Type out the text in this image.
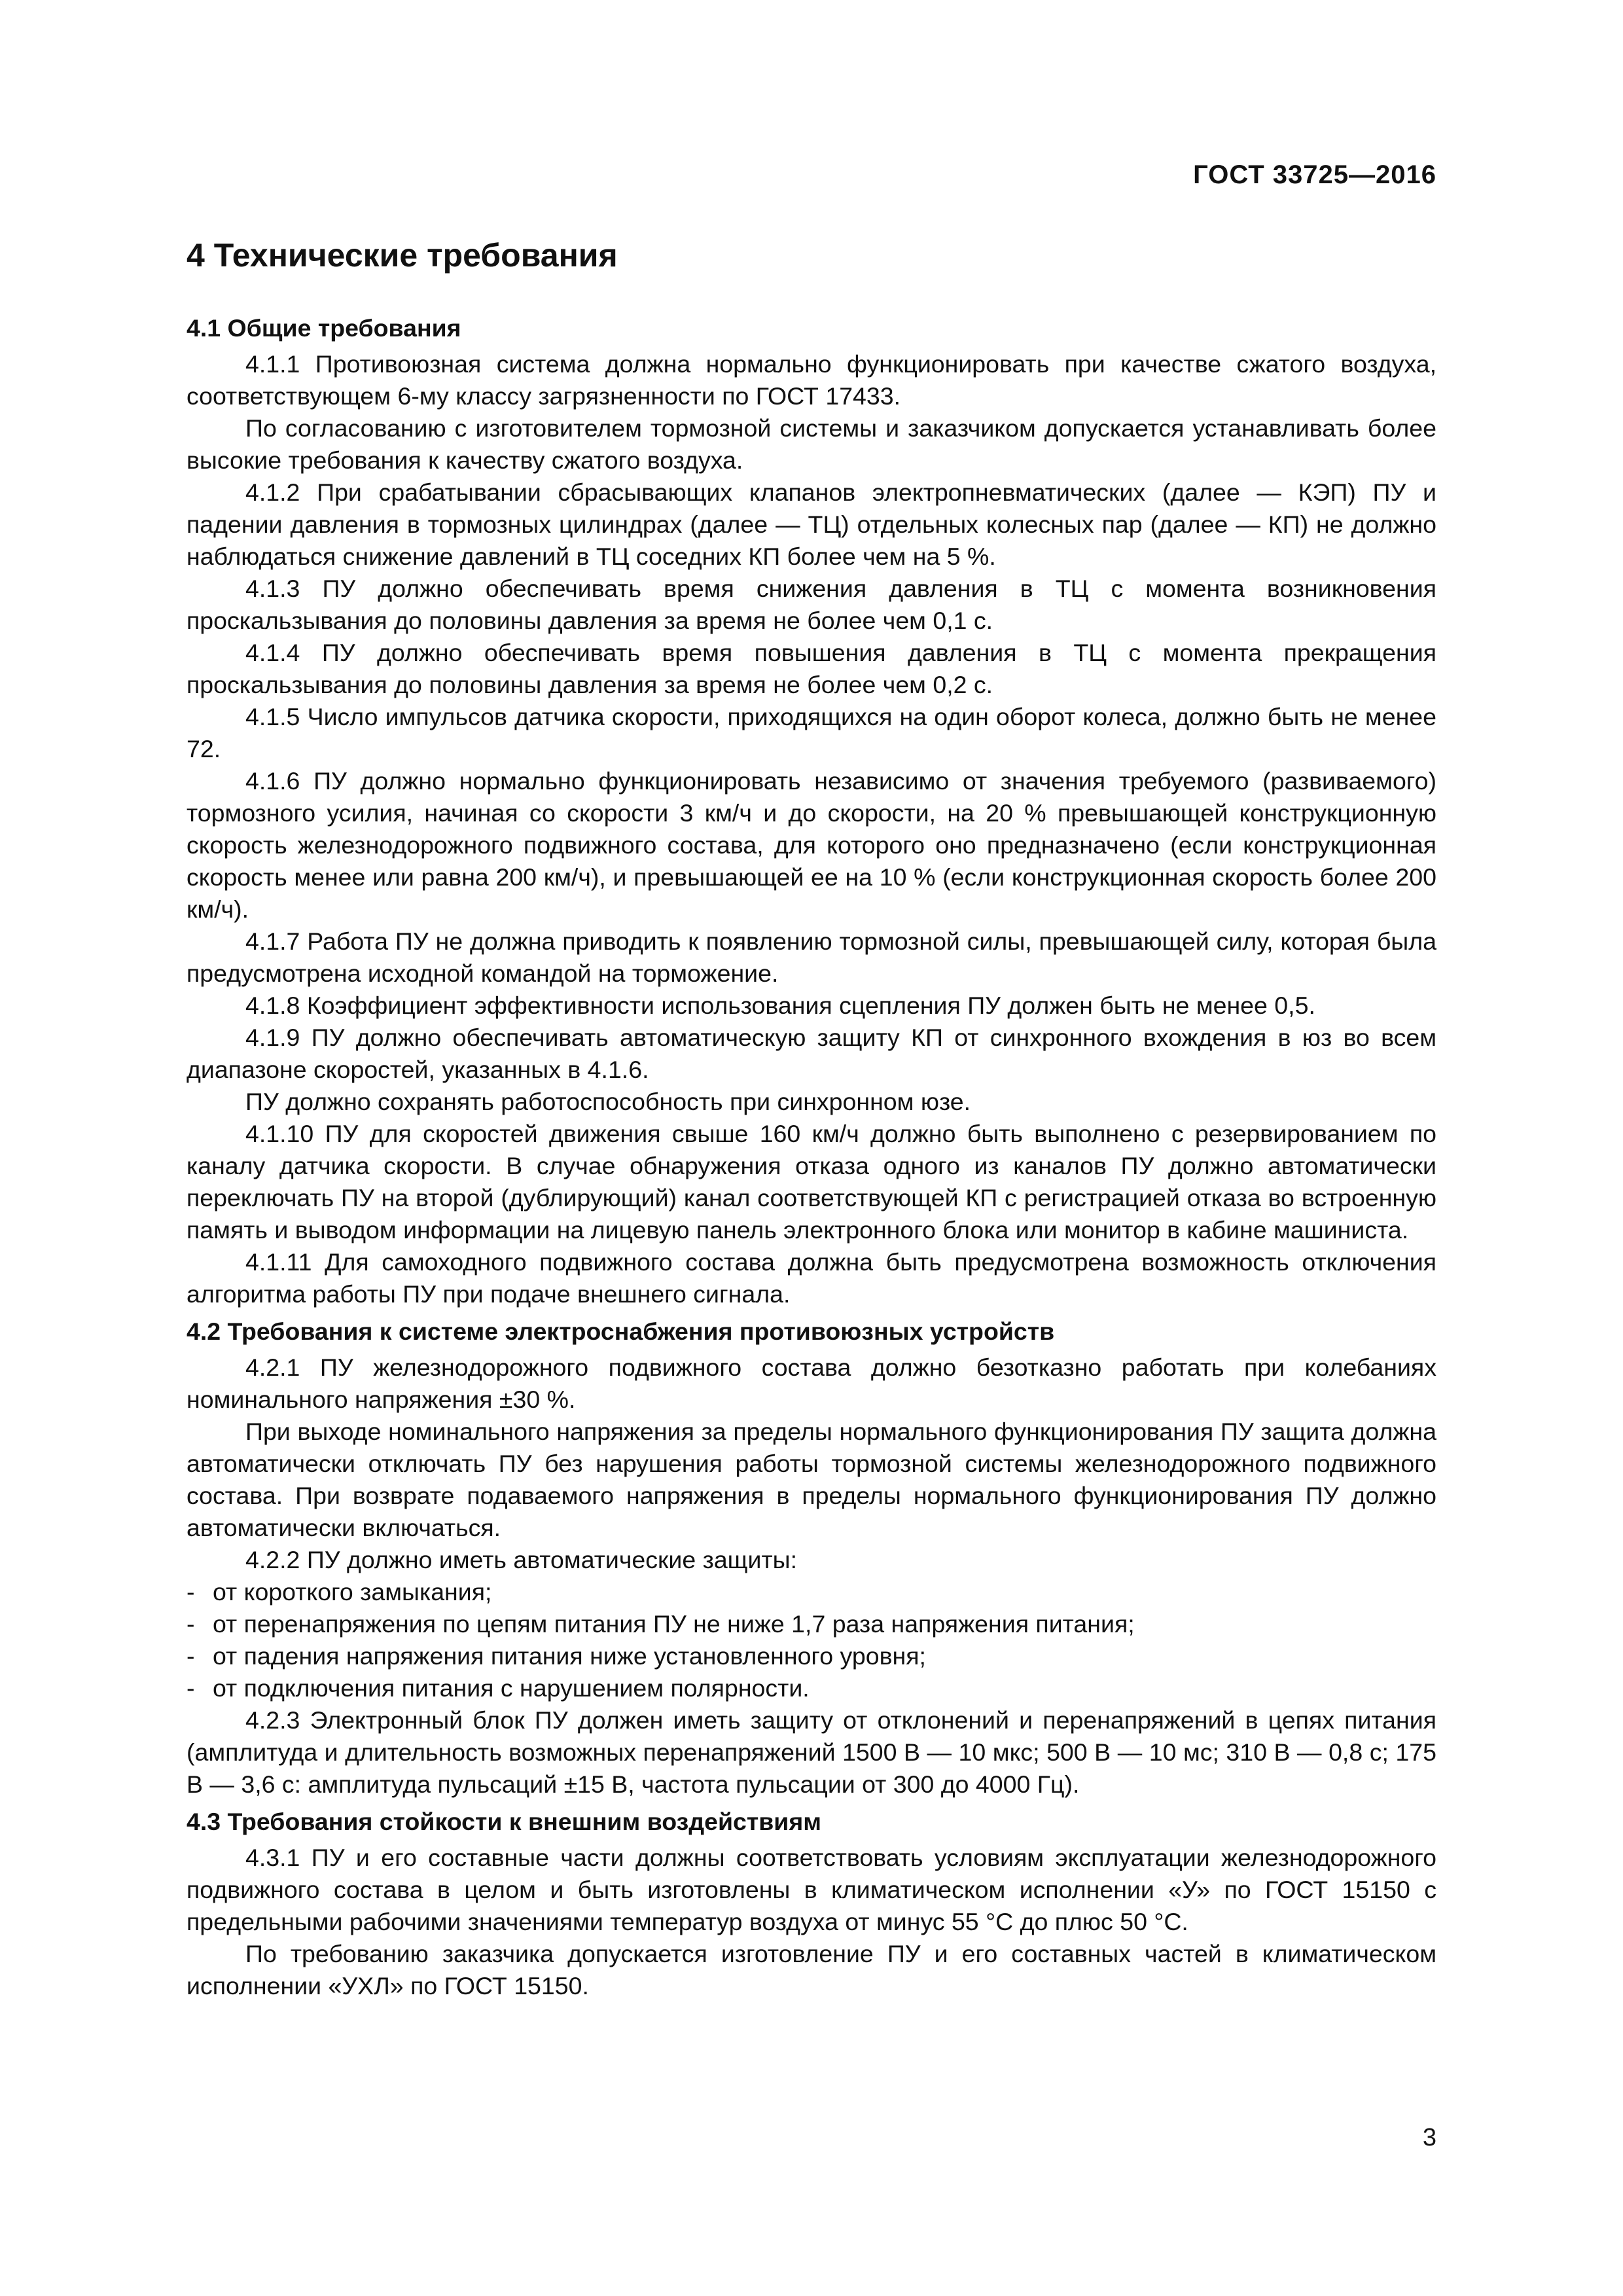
ГОСТ 33725—2016
4 Технические требования
4.1 Общие требования

4.1.1 Противоюзная система должна нормально функционировать при качестве сжатого воздуха, соответствующем 6-му классу загрязненности по ГОСТ 17433.

По согласованию с изготовителем тормозной системы и заказчиком допускается устанавливать более высокие требования к качеству сжатого воздуха.

4.1.2 При срабатывании сбрасывающих клапанов электропневматических (далее — КЭП) ПУ и падении давления в тормозных цилиндрах (далее — ТЦ) отдельных колесных пар (далее — КП) не должно наблюдаться снижение давлений в ТЦ соседних КП более чем на 5 %.

4.1.3 ПУ должно обеспечивать время снижения давления в ТЦ с момента возникновения проскальзывания до половины давления за время не более чем 0,1 с.

4.1.4 ПУ должно обеспечивать время повышения давления в ТЦ с момента прекращения проскальзывания до половины давления за время не более чем 0,2 с.

4.1.5 Число импульсов датчика скорости, приходящихся на один оборот колеса, должно быть не менее 72.

4.1.6 ПУ должно нормально функционировать независимо от значения требуемого (развиваемого) тормозного усилия, начиная со скорости 3 км/ч и до скорости, на 20 % превышающей конструкционную скорость железнодорожного подвижного состава, для которого оно предназначено (если конструкционная скорость менее или равна 200 км/ч), и превышающей ее на 10 % (если конструкционная скорость более 200 км/ч).

4.1.7 Работа ПУ не должна приводить к появлению тормозной силы, превышающей силу, которая была предусмотрена исходной командой на торможение.

4.1.8 Коэффициент эффективности использования сцепления ПУ должен быть не менее 0,5.

4.1.9 ПУ должно обеспечивать автоматическую защиту КП от синхронного вхождения в юз во всем диапазоне скоростей, указанных в 4.1.6.

ПУ должно сохранять работоспособность при синхронном юзе.

4.1.10 ПУ для скоростей движения свыше 160 км/ч должно быть выполнено с резервированием по каналу датчика скорости. В случае обнаружения отказа одного из каналов ПУ должно автоматически переключать ПУ на второй (дублирующий) канал соответствующей КП с регистрацией отказа во встроенную память и выводом информации на лицевую панель электронного блока или монитор в кабине машиниста.

4.1.11 Для самоходного подвижного состава должна быть предусмотрена возможность отключения алгоритма работы ПУ при подаче внешнего сигнала.

4.2 Требования к системе электроснабжения противоюзных устройств

4.2.1 ПУ железнодорожного подвижного состава должно безотказно работать при колебаниях номинального напряжения ±30 %.

При выходе номинального напряжения за пределы нормального функционирования ПУ защита должна автоматически отключать ПУ без нарушения работы тормозной системы железнодорожного подвижного состава. При возврате подаваемого напряжения в пределы нормального функционирования ПУ должно автоматически включаться.

4.2.2 ПУ должно иметь автоматические защиты:

- от короткого замыкания;

- от перенапряжения по цепям питания ПУ не ниже 1,7 раза напряжения питания;

- от падения напряжения питания ниже установленного уровня;

- от подключения питания с нарушением полярности.

4.2.3 Электронный блок ПУ должен иметь защиту от отклонений и перенапряжений в цепях питания (амплитуда и длительность возможных перенапряжений 1500 В — 10 мкс; 500 В — 10 мс; 310 В — 0,8 с; 175 В — 3,6 с: амплитуда пульсаций ±15 В, частота пульсации от 300 до 4000 Гц).

4.3 Требования стойкости к внешним воздействиям

4.3.1 ПУ и его составные части должны соответствовать условиям эксплуатации железнодорожного подвижного состава в целом и быть изготовлены в климатическом исполнении «У» по ГОСТ 15150 с предельными рабочими значениями температур воздуха от минус 55 °С до плюс 50 °С.

По требованию заказчика допускается изготовление ПУ и его составных частей в климатическом исполнении «УХЛ» по ГОСТ 15150.

3
